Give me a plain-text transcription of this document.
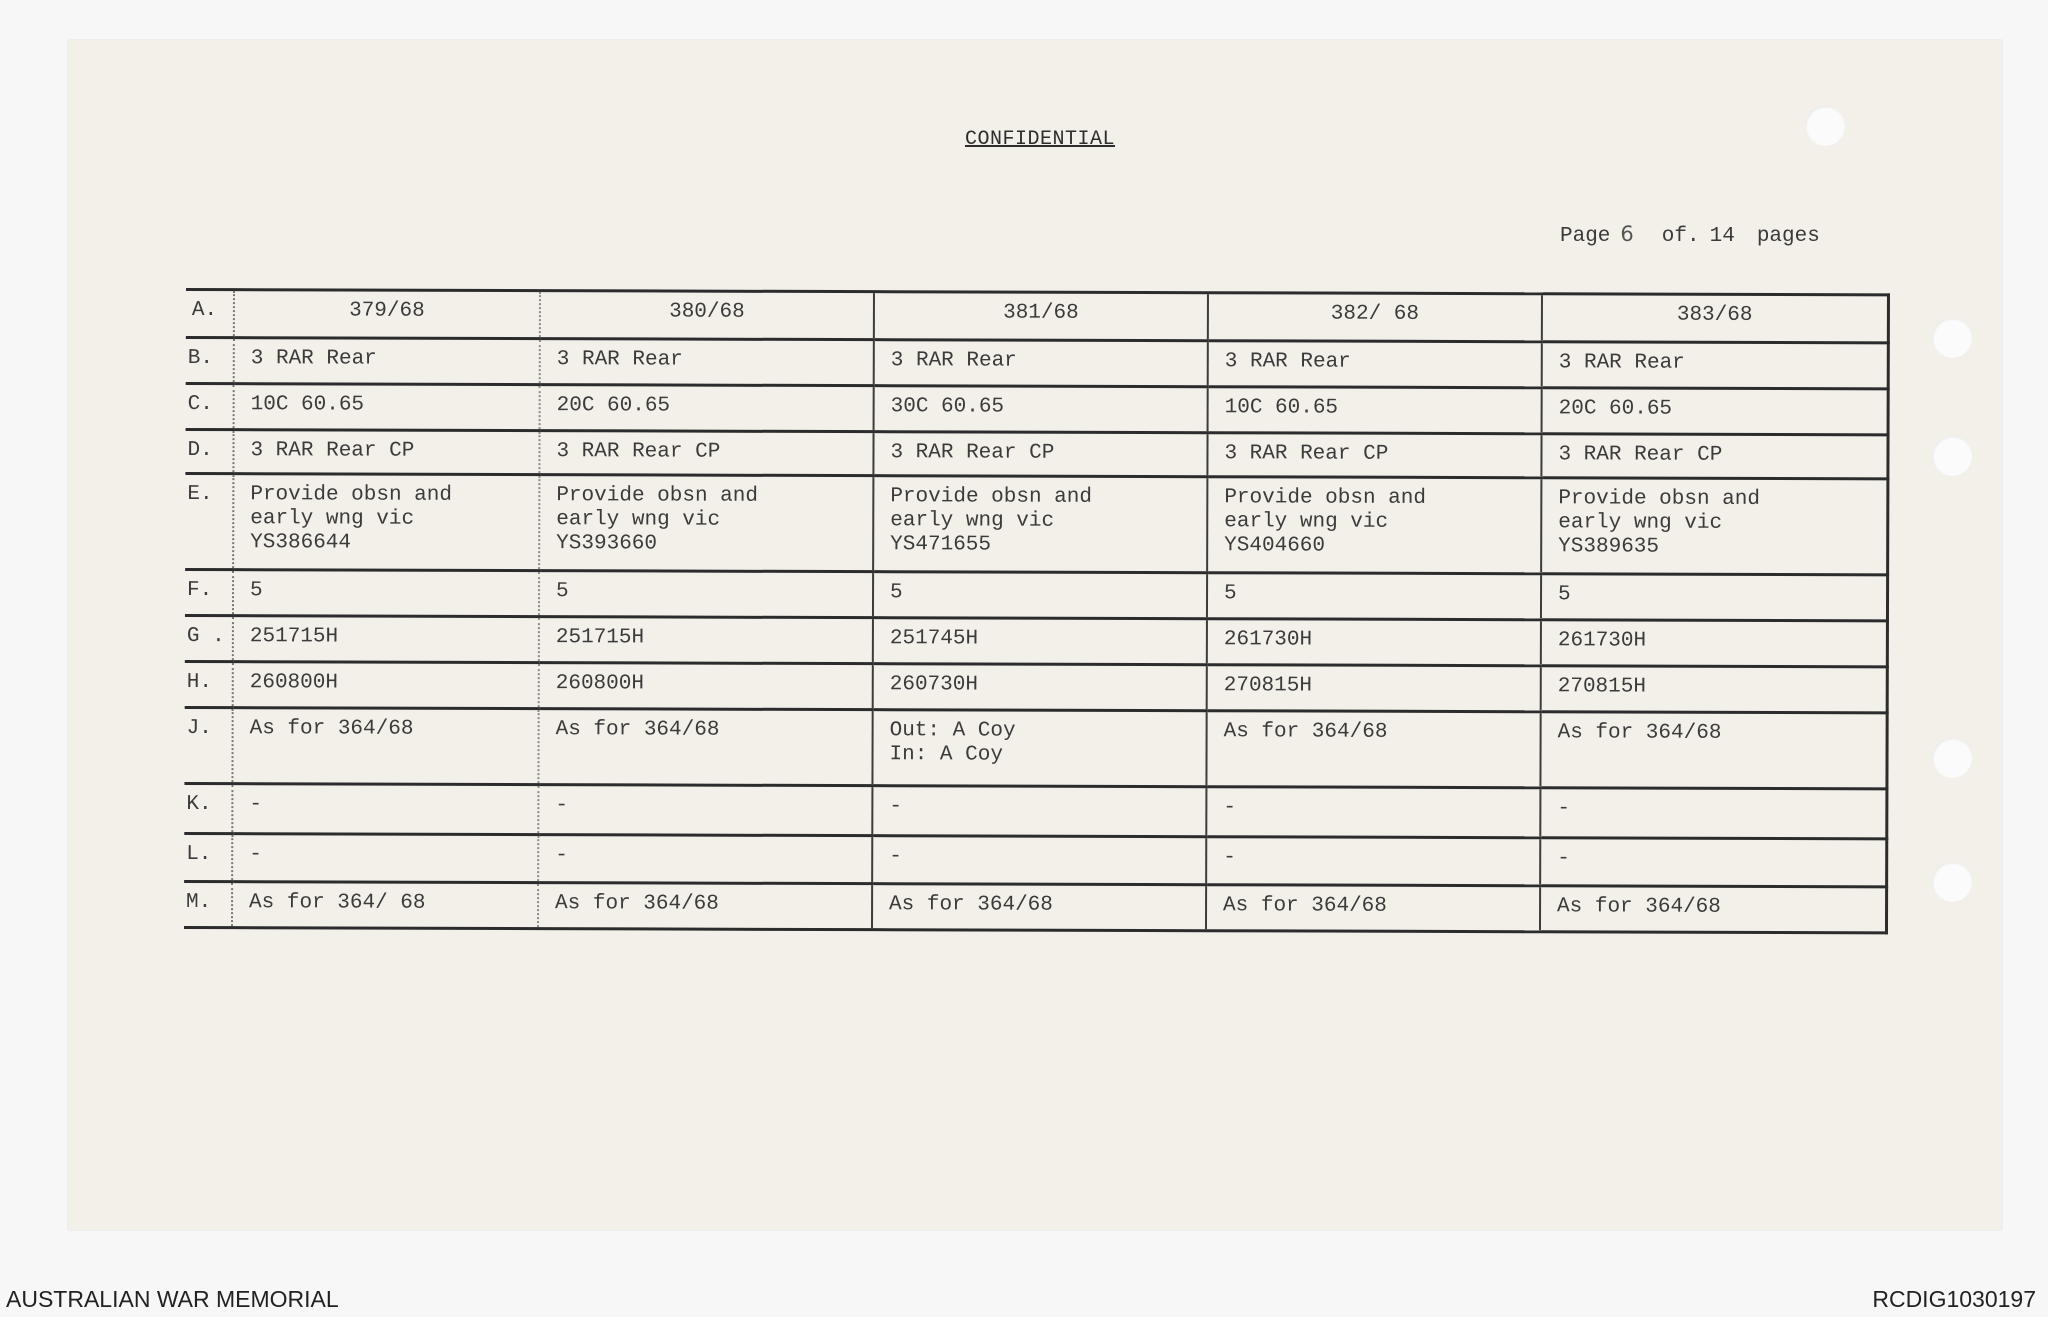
CONFIDENTIAL
Page 6 of. 14 pages
A.	379/68	380/68	381/68	382/ 68	383/68
B.	3 RAR Rear	3 RAR Rear	3 RAR Rear	3 RAR Rear	3 RAR Rear
C.	10C 60.65	20C 60.65	30C 60.65	10C 60.65	20C 60.65
D.	3 RAR Rear CP	3 RAR Rear CP	3 RAR Rear CP	3 RAR Rear CP	3 RAR Rear CP
E.	Provide obsn and
early wng vic
YS386644	Provide obsn and
early wng vic
YS393660	Provide obsn and
early wng vic
YS471655	Provide obsn and
early wng vic
YS404660	Provide obsn and
early wng vic
YS389635
F.	5	5	5	5	5
G .	251715H	251715H	251745H	261730H	261730H
H.	260800H	260800H	260730H	270815H	270815H
J.	As for 364/68	As for 364/68	Out: A Coy
In: A Coy	As for 364/68	As for 364/68
K.	-	-	-	-	-
L.	-	-	-	-	-
M.	As for 364/ 68	As for 364/68	As for 364/68	As for 364/68	As for 364/68
AUSTRALIAN WAR MEMORIAL	RCDIG1030197
